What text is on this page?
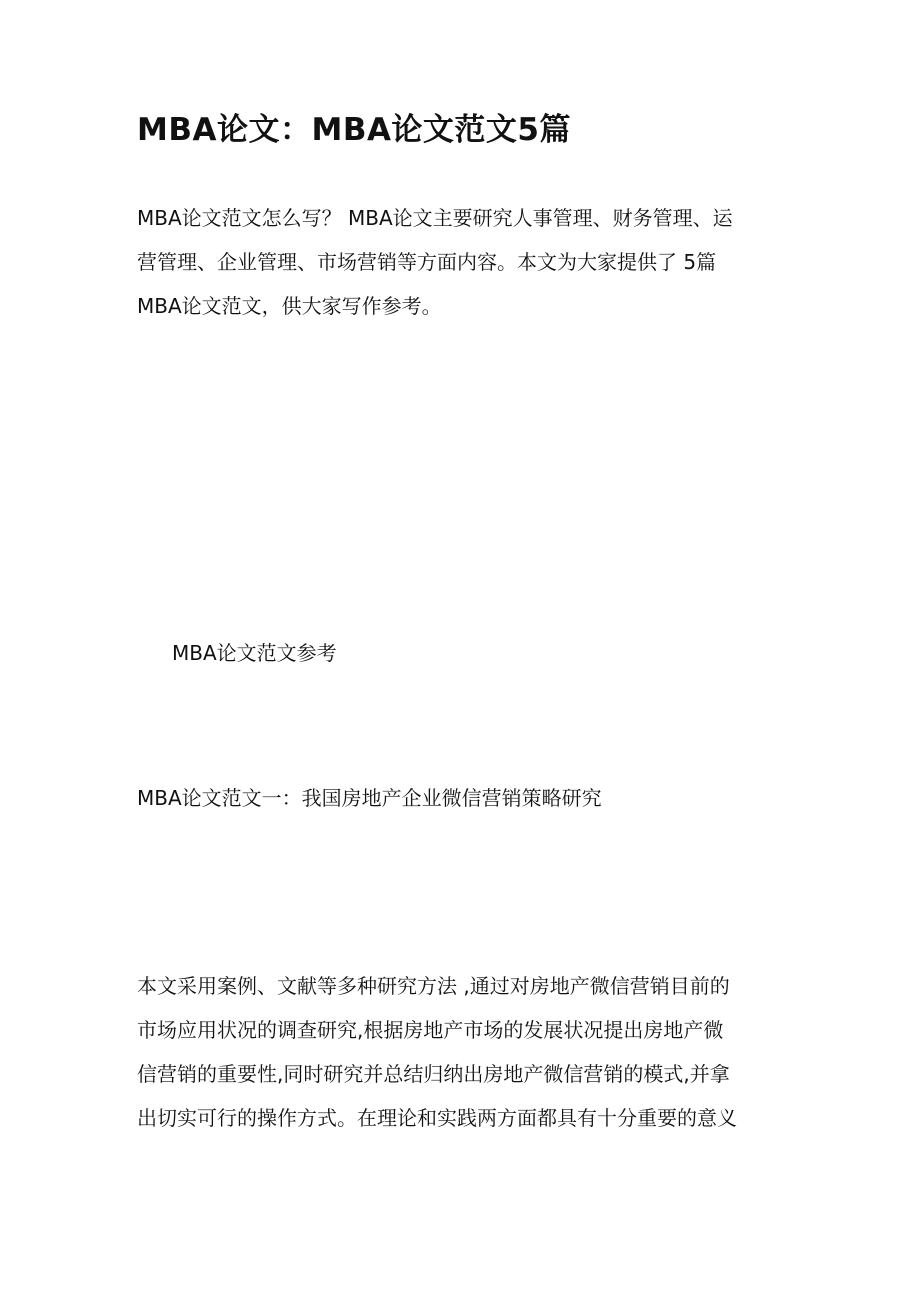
MBA论文：MBA论文范文5篇

MBA论文范文怎么写？ MBA论文主要研究人事管理、财务管理、运
营管理、企业管理、市场营销等方面内容。本文为大家提供了 5篇
MBA论文范文，供大家写作参考。

MBA论文范文参考

MBA论文范文一：我国房地产企业微信营销策略研究

本文采用案例、文献等多种研究方法 ,通过对房地产微信营销目前的
市场应用状况的调查研究,根据房地产市场的发展状况提出房地产微
信营销的重要性,同时研究并总结归纳出房地产微信营销的模式,并拿
出切实可行的操作方式。在理论和实践两方面都具有十分重要的意义
